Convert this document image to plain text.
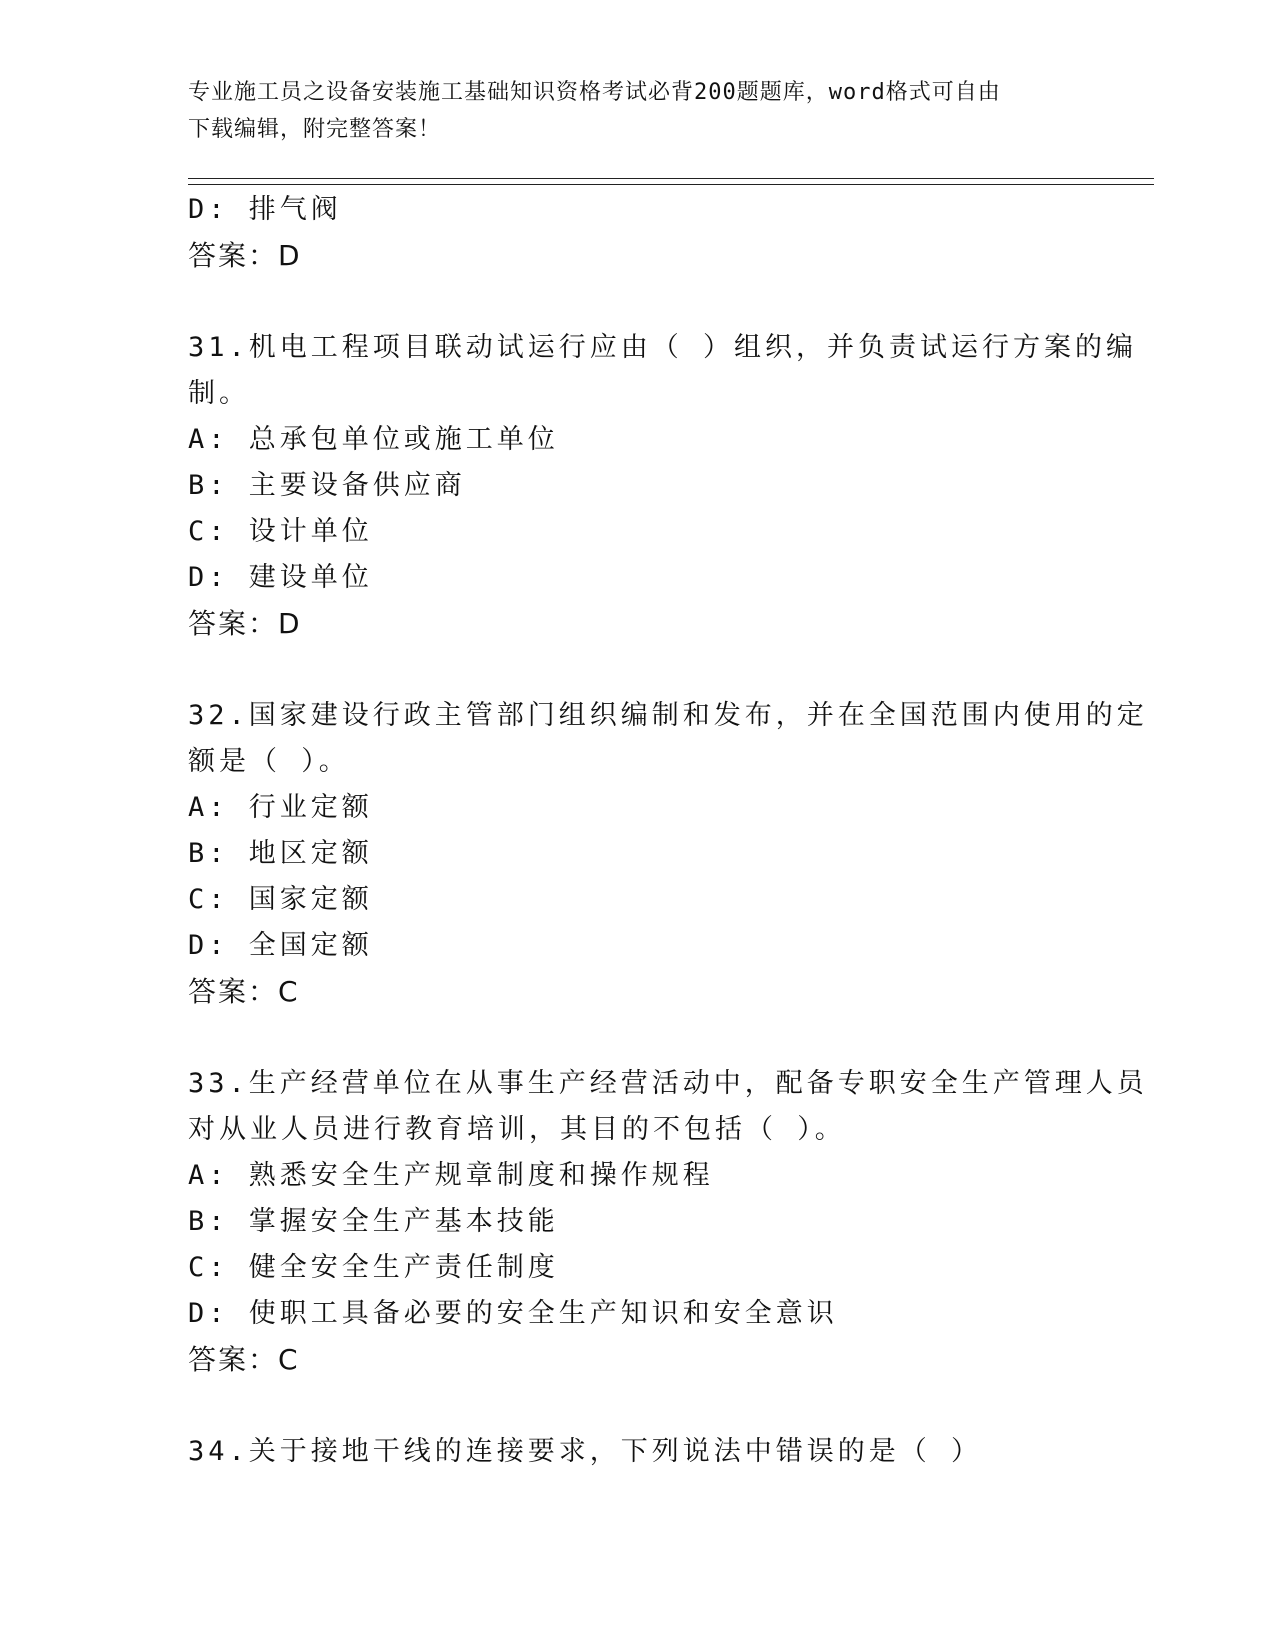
专业施工员之设备安装施工基础知识资格考试必背200题题库，word格式可自由
下载编辑，附完整答案！
D: 排气阀
答案：D
31.机电工程项目联动试运行应由（ ）组织，并负责试运行方案的编
制。
A: 总承包单位或施工单位
B: 主要设备供应商
C: 设计单位
D: 建设单位
答案：D
32.国家建设行政主管部门组织编制和发布，并在全国范围内使用的定
额是（ ）。
A: 行业定额
B: 地区定额
C: 国家定额
D: 全国定额
答案：C
33.生产经营单位在从事生产经营活动中，配备专职安全生产管理人员
对从业人员进行教育培训，其目的不包括（ ）。
A: 熟悉安全生产规章制度和操作规程
B: 掌握安全生产基本技能
C: 健全安全生产责任制度
D: 使职工具备必要的安全生产知识和安全意识
答案：C
34.关于接地干线的连接要求，下列说法中错误的是（ ）
